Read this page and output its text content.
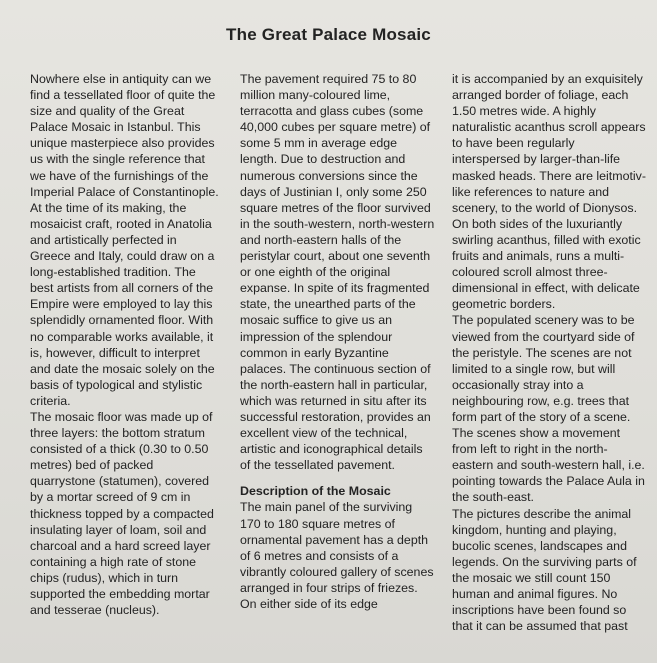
The Great Palace Mosaic

Nowhere else in antiquity can we find a tessellated floor of quite the size and quality of the Great Palace Mosaic in Istanbul. This unique masterpiece also provides us with the single reference that we have of the furnishings of the Imperial Palace of Constantinople. At the time of its making, the mosaicist craft, rooted in Anatolia and artistically perfected in Greece and Italy, could draw on a long-established tradition. The best artists from all corners of the Empire were employed to lay this splendidly ornamented floor. With no comparable works available, it is, however, difficult to interpret and date the mosaic solely on the basis of typological and stylistic criteria.

The mosaic floor was made up of three layers: the bottom stratum consisted of a thick (0.30 to 0.50 metres) bed of packed quarrystone (statumen), covered by a mortar screed of 9 cm in thickness topped by a compacted insulating layer of loam, soil and charcoal and a hard screed layer containing a high rate of stone chips (rudus), which in turn supported the embedding mortar and tesserae (nucleus).

The pavement required 75 to 80 million many-coloured lime, terracotta and glass cubes (some 40,000 cubes per square metre) of some 5 mm in average edge length. Due to destruction and numerous conversions since the days of Justinian I, only some 250 square metres of the floor survived in the south-western, north-western and north-eastern halls of the peristylar court, about one seventh or one eighth of the original expanse. In spite of its fragmented state, the unearthed parts of the mosaic suffice to give us an impression of the splendour common in early Byzantine palaces. The continuous section of the north-eastern hall in particular, which was returned in situ after its successful restoration, provides an excellent view of the technical, artistic and iconographical details of the tessellated pavement.

Description of the Mosaic

The main panel of the surviving 170 to 180 square metres of ornamental pavement has a depth of 6 metres and consists of a vibrantly coloured gallery of scenes arranged in four strips of friezes. On either side of its edge

it is accompanied by an exquisitely arranged border of foliage, each 1.50 metres wide. A highly naturalistic acanthus scroll appears to have been regularly interspersed by larger-than-life masked heads. There are leitmotiv-like references to nature and scenery, to the world of Dionysos. On both sides of the luxuriantly swirling acanthus, filled with exotic fruits and animals, runs a multi-coloured scroll almost three-dimensional in effect, with delicate geometric borders.

The populated scenery was to be viewed from the courtyard side of the peristyle. The scenes are not limited to a single row, but will occasionally stray into a neighbouring row, e.g. trees that form part of the story of a scene. The scenes show a movement from left to right in the north-eastern and south-western hall, i.e. pointing towards the Palace Aula in the south-east.

The pictures describe the animal kingdom, hunting and playing, bucolic scenes, landscapes and legends. On the surviving parts of the mosaic we still count 150 human and animal figures. No inscriptions have been found so that it can be assumed that past
